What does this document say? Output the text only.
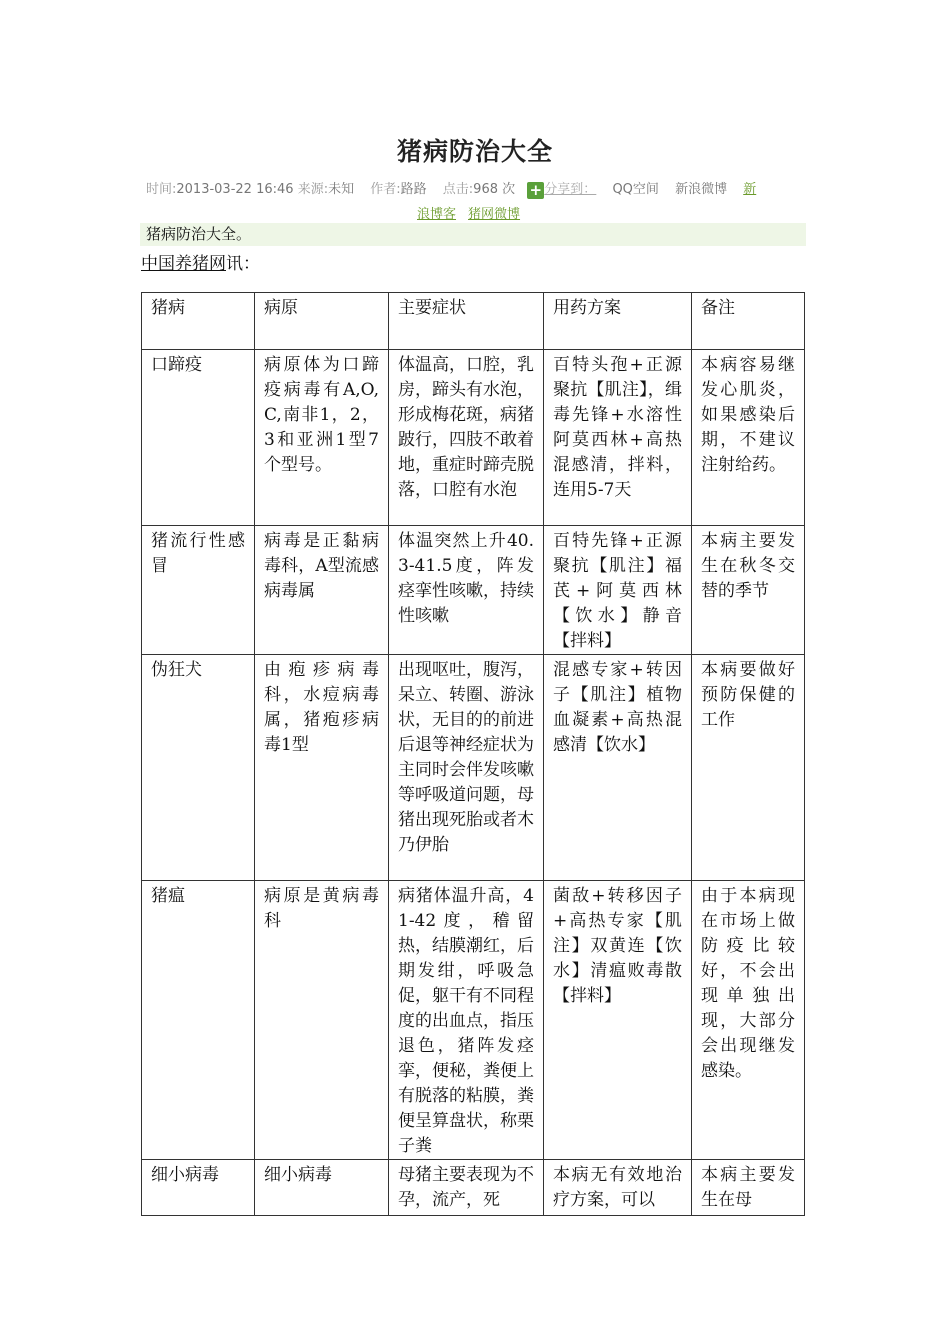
猪病防治大全
时间:2013-03-22 16:46 来源:未知 作者:路路 点击:968 次 + 分享到： QQ空间 新浪微博 新
浪博客 猪网微博
猪病防治大全。
中国养猪网讯：
猪病	病原	主要症状	用药方案	备注
口蹄疫	病原体为口蹄疫病毒有A,O,C,南非1，2，3和亚洲1型7个型号。	体温高，口腔，乳房，蹄头有水泡，形成梅花斑，病猪跛行，四肢不敢着地，重症时蹄壳脱落，口腔有水泡	百特头孢+正源聚抗【肌注】，缉毒先锋+水溶性阿莫西林+高热混感清，拌料，连用5-7天	本病容易继发心肌炎，如果感染后期，不建议注射给药。
猪流行性感冒	病毒是正黏病毒科，A型流感病毒属	体温突然上升40.3-41.5度，阵发痉挛性咳嗽，持续性咳嗽	百特先锋+正源聚抗【肌注】福芪+阿莫西林【饮水】静音【拌料】	本病主要发生在秋冬交替的季节
伪狂犬	由疱疹病毒科，水痘病毒属，猪疱疹病毒1型	出现呕吐，腹泻，呆立、转圈、游泳状，无目的的前进后退等神经症状为主同时会伴发咳嗽等呼吸道问题，母猪出现死胎或者木乃伊胎	混感专家+转因子【肌注】植物血凝素+高热混感清【饮水】	本病要做好预防保健的工作
猪瘟	病原是黄病毒科	病猪体温升高，41-42度，稽留热，结膜潮红，后期发绀，呼吸急促，躯干有不同程度的出血点，指压退色，猪阵发痉挛，便秘，粪便上有脱落的粘膜，粪便呈算盘状，称栗子粪	菌敌+转移因子+高热专家【肌注】双黄连【饮水】清瘟败毒散【拌料】	由于本病现在市场上做防疫比较好，不会出现单独出现，大部分会出现继发感染。
细小病毒	细小病毒	母猪主要表现为不孕，流产，死	本病无有效地治疗方案，可以	本病主要发生在母
